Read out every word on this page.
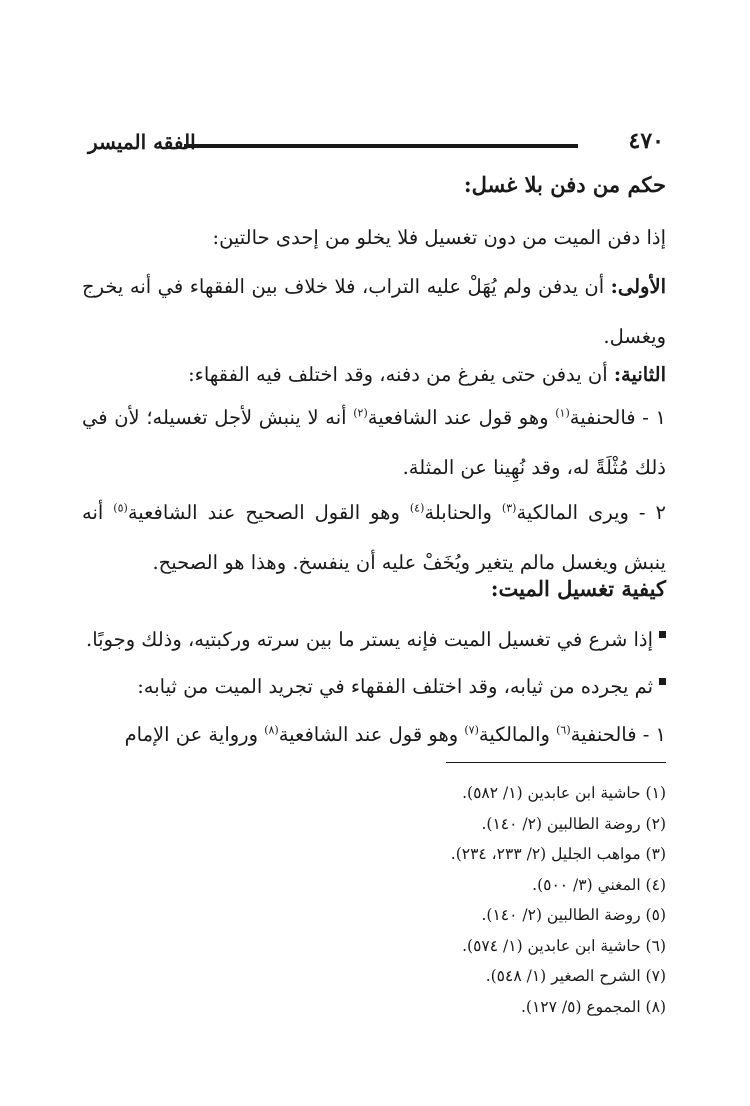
الفقه الميسر	٤٧٠
حكم من دفن بلا غسل:
إذا دفن الميت من دون تغسيل فلا يخلو من إحدى حالتين:
الأولى: أن يدفن ولم يُهَلْ عليه التراب، فلا خلاف بين الفقهاء في أنه يخرج ويغسل.
الثانية: أن يدفن حتى يفرغ من دفنه، وقد اختلف فيه الفقهاء:
١ - فالحنفية$^{(١)}$ وهو قول عند الشافعية$^{(٢)}$ أنه لا ينبش لأجل تغسيله؛ لأن في ذلك مُثْلَةً له، وقد نُهِينا عن المثلة.
٢ - ويرى المالكية$^{(٣)}$ والحنابلة$^{(٤)}$ وهو القول الصحيح عند الشافعية$^{(٥)}$ أنه ينبش ويغسل مالم يتغير ويُخَفْ عليه أن ينفسخ. وهذا هو الصحيح.
كيفية تغسيل الميت:
إذا شرع في تغسيل الميت فإنه يستر ما بين سرته وركبتيه، وذلك وجوبًا.
ثم يجرده من ثيابه، وقد اختلف الفقهاء في تجريد الميت من ثيابه:
١ - فالحنفية$^{(٦)}$ والمالكية$^{(٧)}$ وهو قول عند الشافعية$^{(٨)}$ ورواية عن الإمام
(١) حاشية ابن عابدين (١/ ٥٨٢).
(٢) روضة الطالبين (٢/ ١٤٠).
(٣) مواهب الجليل (٢/ ٢٣٣، ٢٣٤).
(٤) المغني (٣/ ٥٠٠).
(٥) روضة الطالبين (٢/ ١٤٠).
(٦) حاشية ابن عابدين (١/ ٥٧٤).
(٧) الشرح الصغير (١/ ٥٤٨).
(٨) المجموع (٥/ ١٢٧).
